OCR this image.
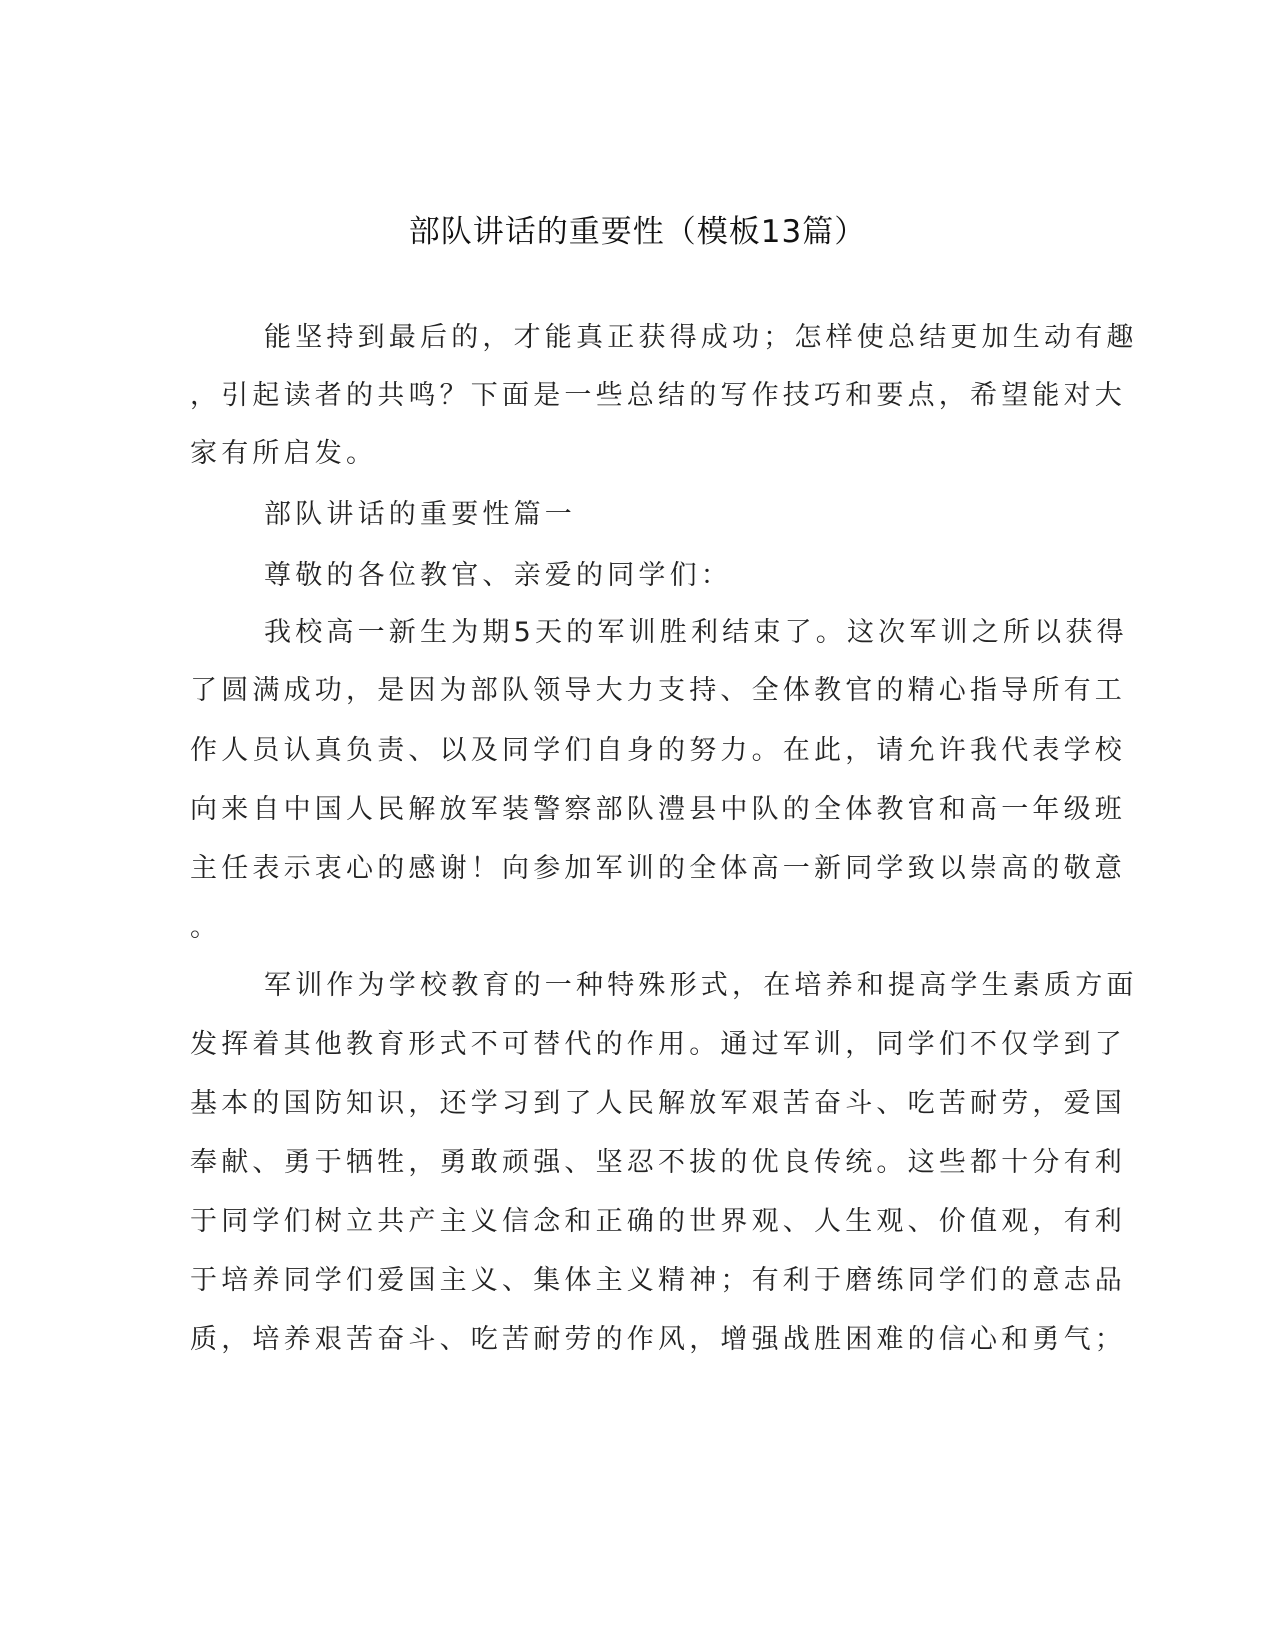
部队讲话的重要性（模板13篇）
能坚持到最后的，才能真正获得成功；怎样使总结更加生动有趣
，引起读者的共鸣？下面是一些总结的写作技巧和要点，希望能对大
家有所启发。
部队讲话的重要性篇一
尊敬的各位教官、亲爱的同学们：
我校高一新生为期5天的军训胜利结束了。这次军训之所以获得
了圆满成功，是因为部队领导大力支持、全体教官的精心指导所有工
作人员认真负责、以及同学们自身的努力。在此，请允许我代表学校
向来自中国人民解放军装警察部队澧县中队的全体教官和高一年级班
主任表示衷心的感谢！向参加军训的全体高一新同学致以崇高的敬意
。
军训作为学校教育的一种特殊形式，在培养和提高学生素质方面
发挥着其他教育形式不可替代的作用。通过军训，同学们不仅学到了
基本的国防知识，还学习到了人民解放军艰苦奋斗、吃苦耐劳，爱国
奉献、勇于牺牲，勇敢顽强、坚忍不拔的优良传统。这些都十分有利
于同学们树立共产主义信念和正确的世界观、人生观、价值观，有利
于培养同学们爱国主义、集体主义精神；有利于磨练同学们的意志品
质，培养艰苦奋斗、吃苦耐劳的作风，增强战胜困难的信心和勇气；
